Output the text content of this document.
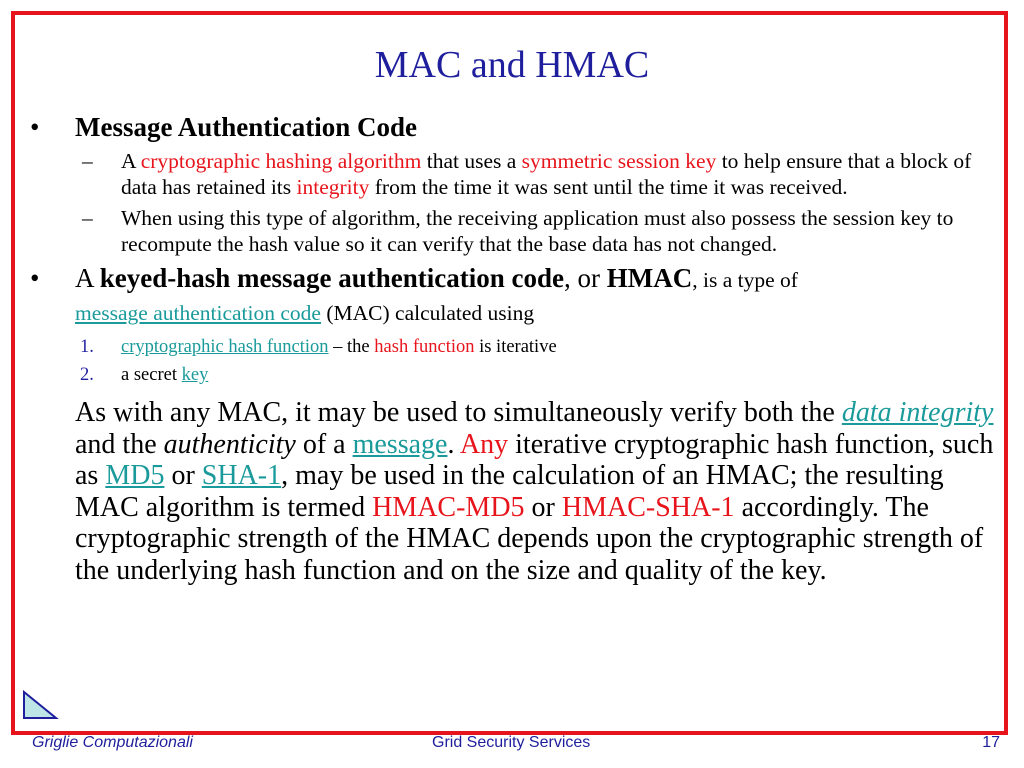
MAC and HMAC
• Message Authentication Code
– A cryptographic hashing algorithm that uses a symmetric session key to help ensure that a block of data has retained its integrity from the time it was sent until the time it was received.
– When using this type of algorithm, the receiving application must also possess the session key to recompute the hash value so it can verify that the base data has not changed.
• A keyed-hash message authentication code, or HMAC, is a type of
message authentication code (MAC) calculated using
1. cryptographic hash function – the hash function is iterative
2. a secret key
As with any MAC, it may be used to simultaneously verify both the data integrity and the authenticity of a message. Any iterative cryptographic hash function, such as MD5 or SHA-1, may be used in the calculation of an HMAC; the resulting MAC algorithm is termed HMAC-MD5 or HMAC-SHA-1 accordingly. The cryptographic strength of the HMAC depends upon the cryptographic strength of the underlying hash function and on the size and quality of the key.
Griglie Computazionali	Grid Security Services	17
